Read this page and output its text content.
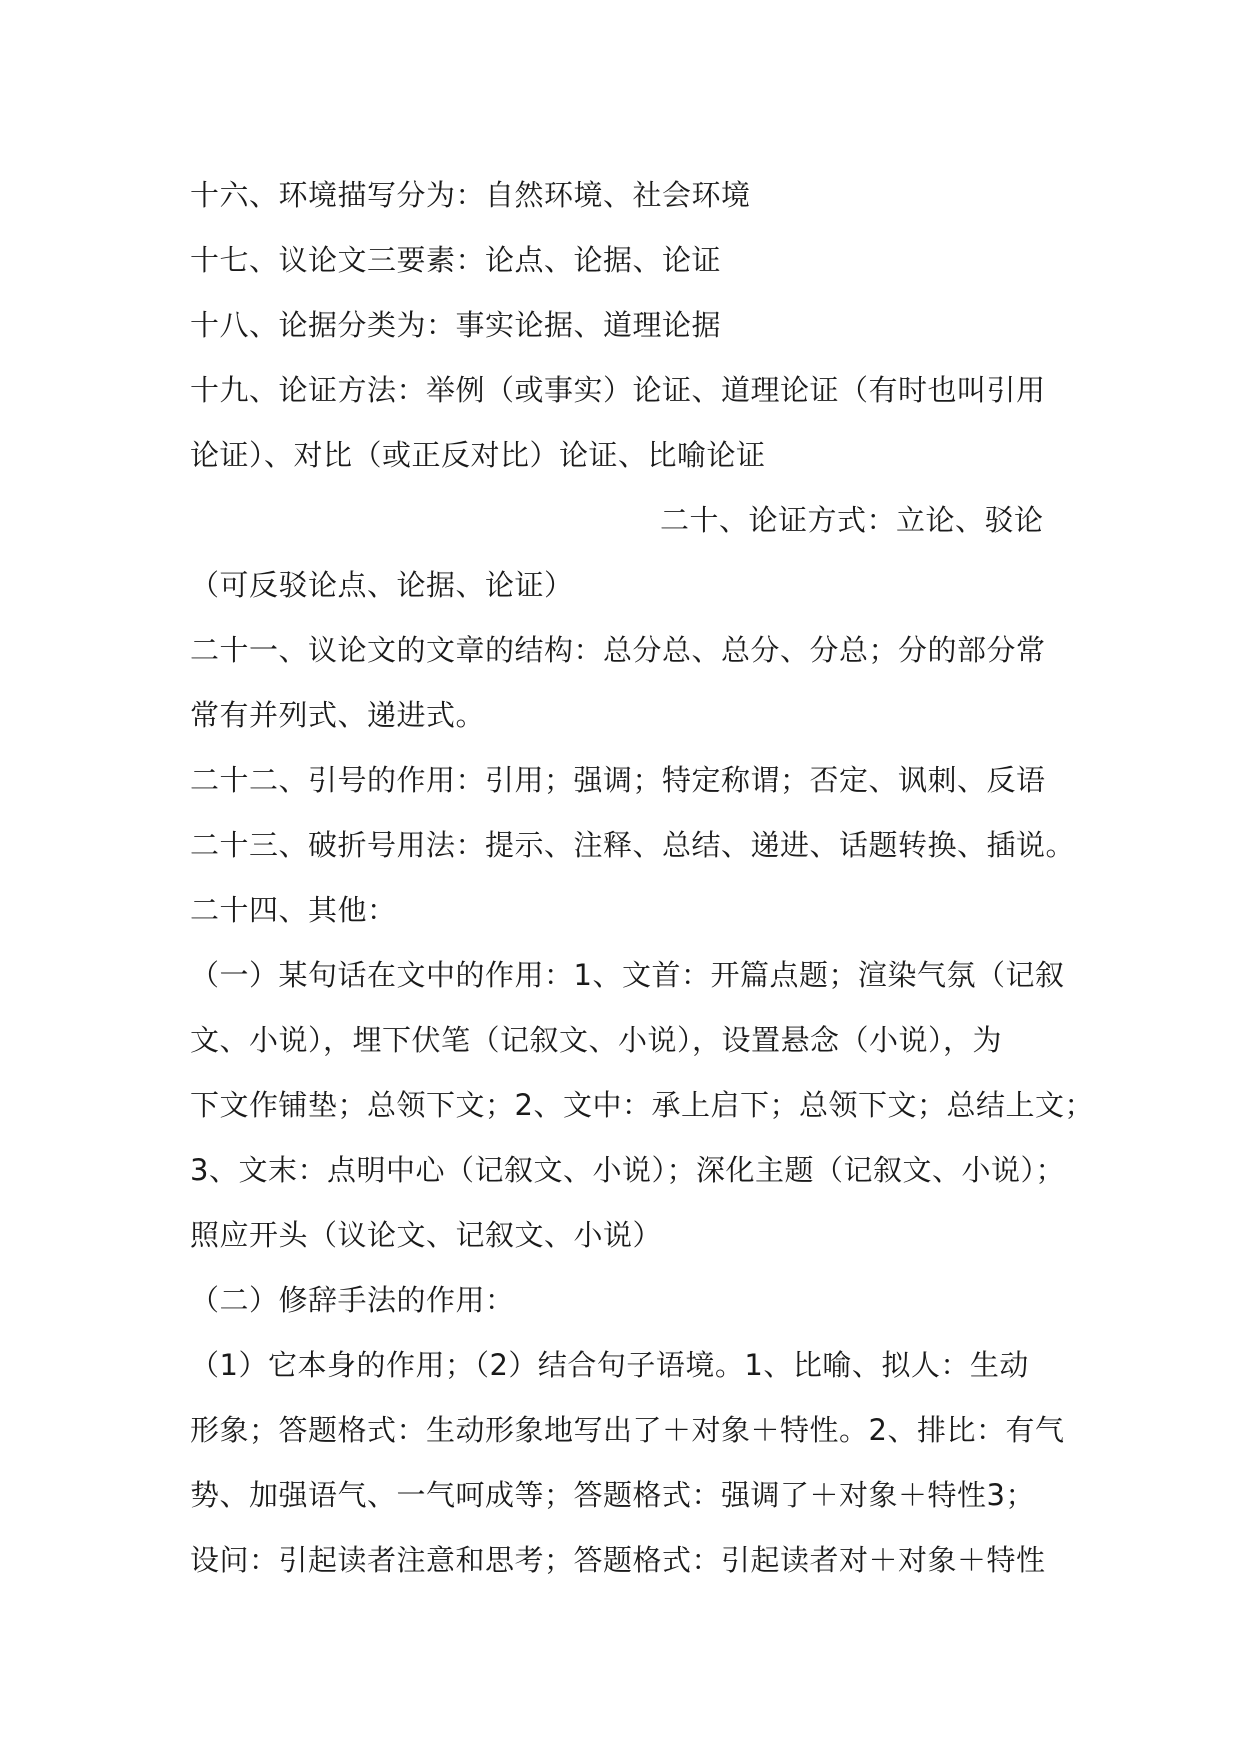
十六、环境描写分为：自然环境、社会环境
十七、议论文三要素：论点、论据、论证
十八、论据分类为：事实论据、道理论据
十九、论证方法：举例（或事实）论证、道理论证（有时也叫引用
论证）、对比（或正反对比）论证、比喻论证
二十、论证方式：立论、驳论
（可反驳论点、论据、论证）
二十一、议论文的文章的结构：总分总、总分、分总；分的部分常
常有并列式、递进式。
二十二、引号的作用：引用；强调；特定称谓；否定、讽刺、反语
二十三、破折号用法：提示、注释、总结、递进、话题转换、插说。
二十四、其他：
（一）某句话在文中的作用：1、文首：开篇点题；渲染气氛（记叙
文、小说），埋下伏笔（记叙文、小说），设置悬念（小说），为
下文作铺垫；总领下文；2、文中：承上启下；总领下文；总结上文；
3、文末：点明中心（记叙文、小说）；深化主题（记叙文、小说）；
照应开头（议论文、记叙文、小说）
（二）修辞手法的作用：
（1）它本身的作用；（2）结合句子语境。1、比喻、拟人：生动
形象；答题格式：生动形象地写出了＋对象＋特性。2、排比：有气
势、加强语气、一气呵成等；答题格式：强调了＋对象＋特性3；
设问：引起读者注意和思考；答题格式：引起读者对＋对象＋特性
